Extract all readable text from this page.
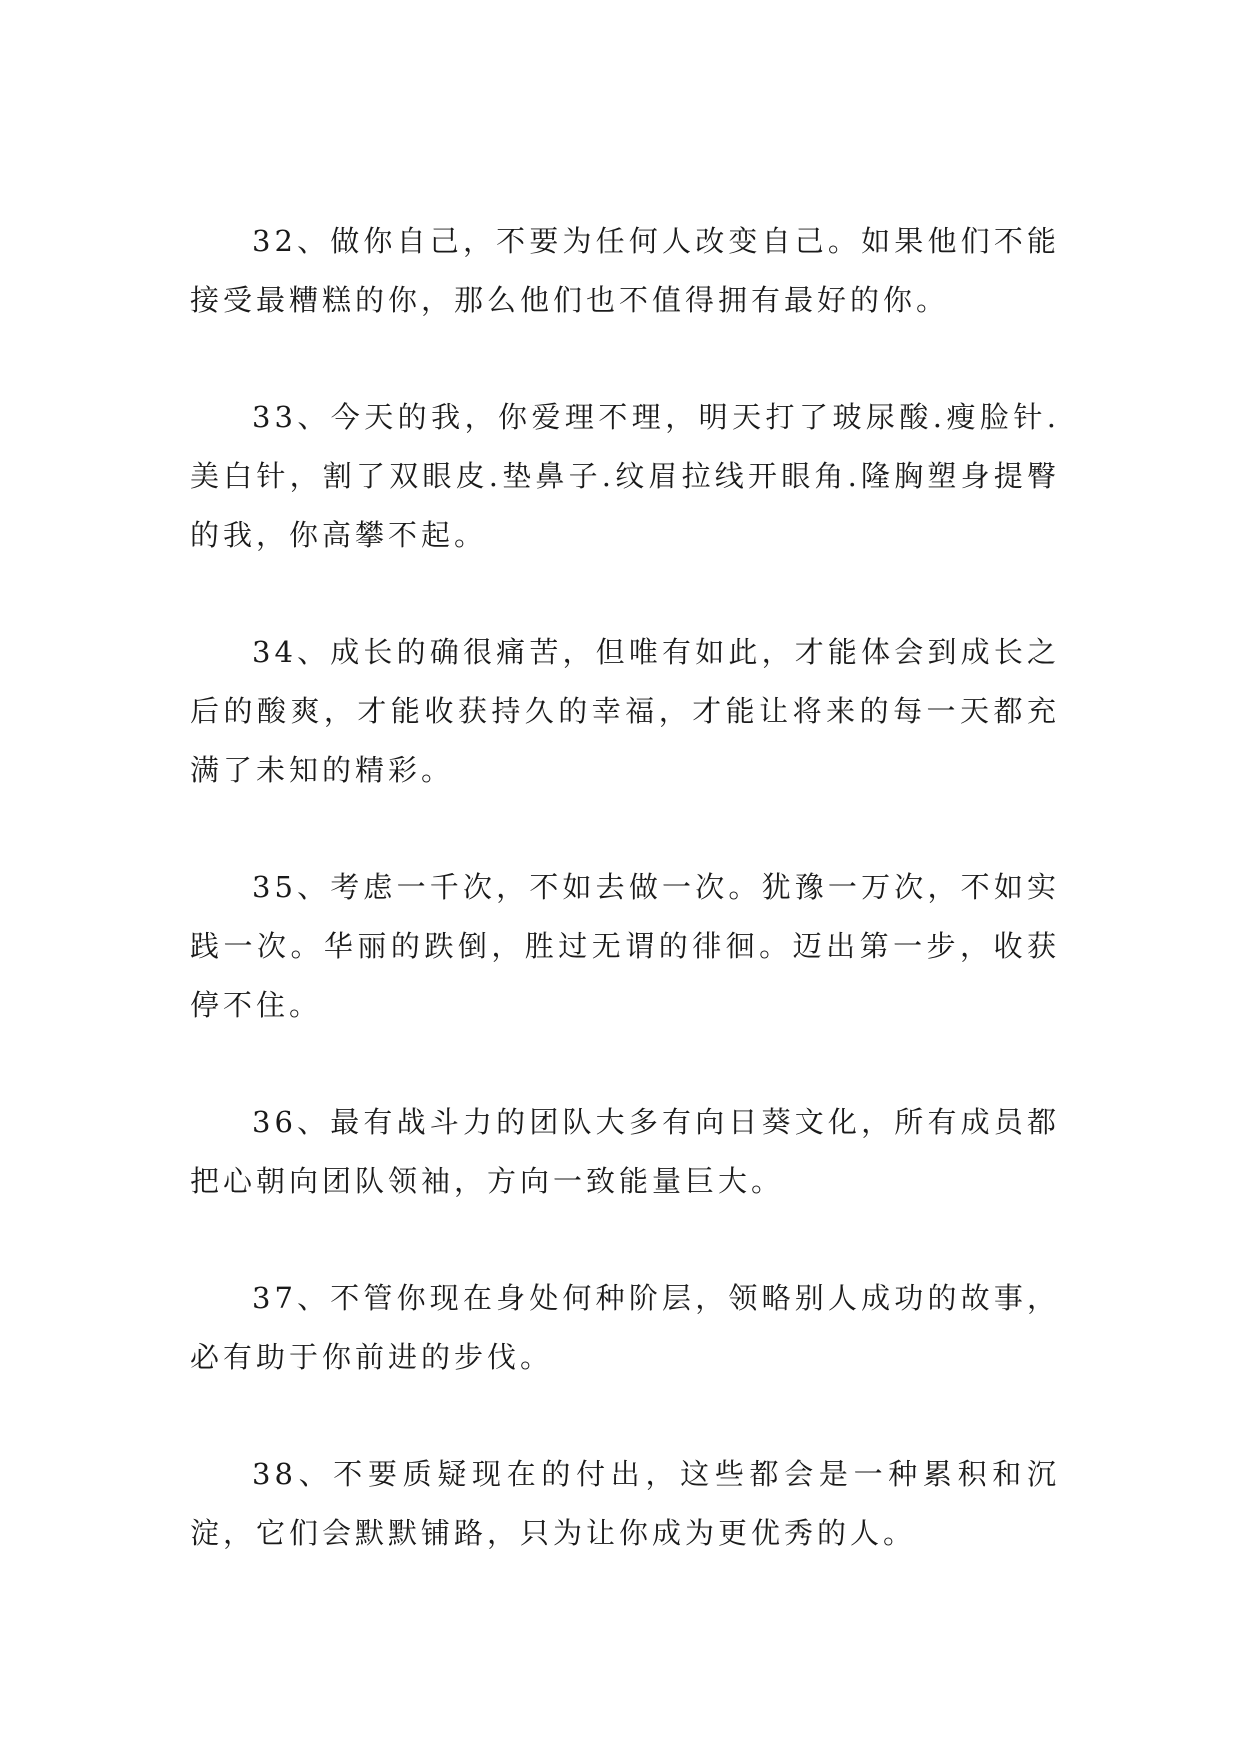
32、做你自己，不要为任何人改变自己。如果他们不能接受最糟糕的你，那么他们也不值得拥有最好的你。

33、今天的我，你爱理不理，明天打了玻尿酸.瘦脸针.美白针，割了双眼皮.垫鼻子.纹眉拉线开眼角.隆胸塑身提臀的我，你高攀不起。

34、成长的确很痛苦，但唯有如此，才能体会到成长之后的酸爽，才能收获持久的幸福，才能让将来的每一天都充满了未知的精彩。

35、考虑一千次，不如去做一次。犹豫一万次，不如实践一次。华丽的跌倒，胜过无谓的徘徊。迈出第一步，收获停不住。

36、最有战斗力的团队大多有向日葵文化，所有成员都把心朝向团队领袖，方向一致能量巨大。

37、不管你现在身处何种阶层，领略别人成功的故事，必有助于你前进的步伐。

38、不要质疑现在的付出，这些都会是一种累积和沉淀，它们会默默铺路，只为让你成为更优秀的人。
